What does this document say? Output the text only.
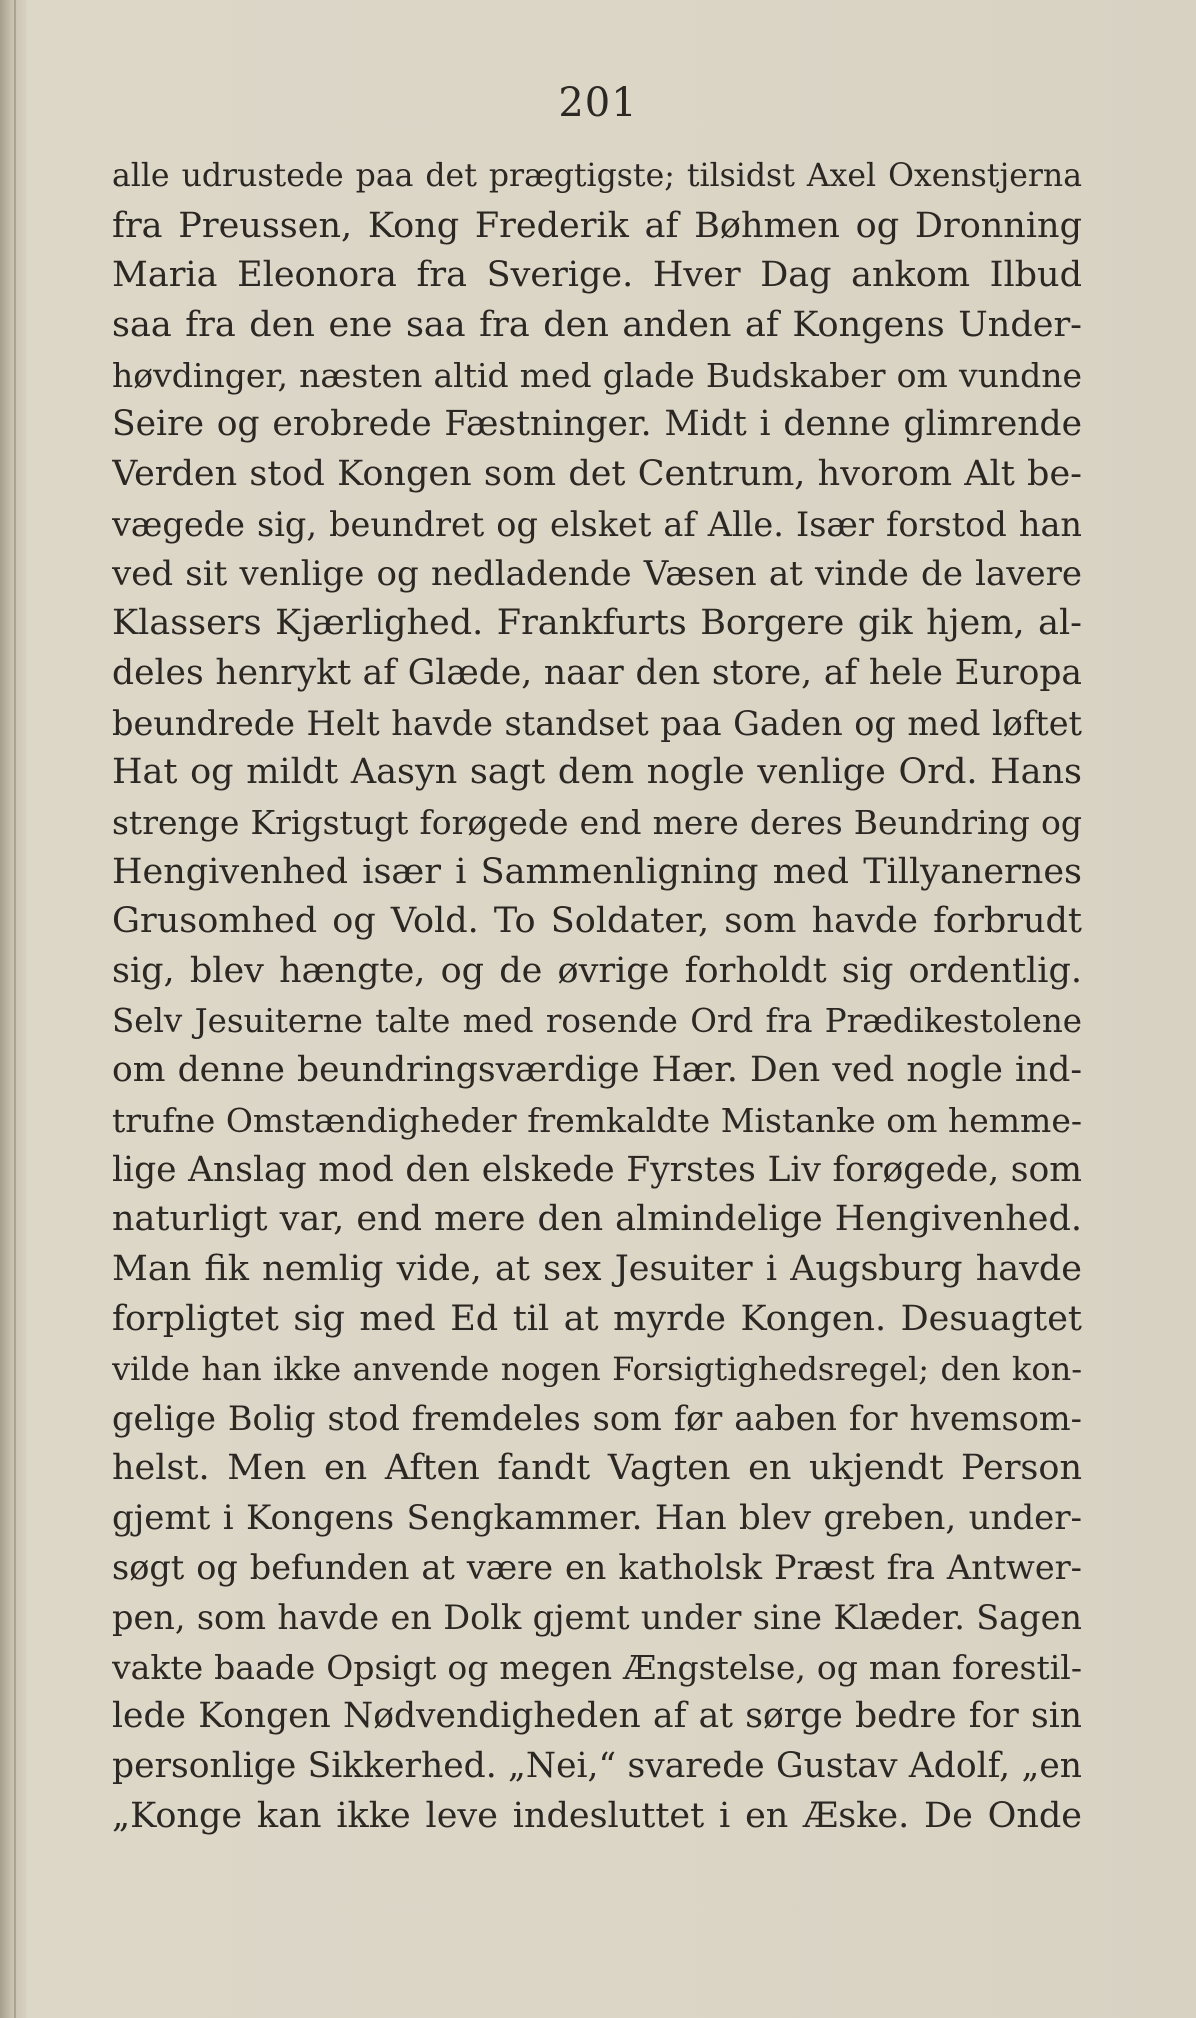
201
alle udrustede paa det prægtigste; tilsidst Axel Oxenstjerna
fra Preussen, Kong Frederik af Bøhmen og Dronning
Maria Eleonora fra Sverige. Hver Dag ankom Ilbud
saa fra den ene saa fra den anden af Kongens Under-
høvdinger, næsten altid med glade Budskaber om vundne
Seire og erobrede Fæstninger. Midt i denne glimrende
Verden stod Kongen som det Centrum, hvorom Alt be-
vægede sig, beundret og elsket af Alle. Især forstod han
ved sit venlige og nedladende Væsen at vinde de lavere
Klassers Kjærlighed. Frankfurts Borgere gik hjem, al-
deles henrykt af Glæde, naar den store, af hele Europa
beundrede Helt havde standset paa Gaden og med løftet
Hat og mildt Aasyn sagt dem nogle venlige Ord. Hans
strenge Krigstugt forøgede end mere deres Beundring og
Hengivenhed især i Sammenligning med Tillyanernes
Grusomhed og Vold. To Soldater, som havde forbrudt
sig, blev hængte, og de øvrige forholdt sig ordentlig.
Selv Jesuiterne talte med rosende Ord fra Prædikestolene
om denne beundringsværdige Hær. Den ved nogle ind-
trufne Omstændigheder fremkaldte Mistanke om hemme-
lige Anslag mod den elskede Fyrstes Liv forøgede, som
naturligt var, end mere den almindelige Hengivenhed.
Man fik nemlig vide, at sex Jesuiter i Augsburg havde
forpligtet sig med Ed til at myrde Kongen. Desuagtet
vilde han ikke anvende nogen Forsigtighedsregel; den kon-
gelige Bolig stod fremdeles som før aaben for hvemsom-
helst. Men en Aften fandt Vagten en ukjendt Person
gjemt i Kongens Sengkammer. Han blev greben, under-
søgt og befunden at være en katholsk Præst fra Antwer-
pen, som havde en Dolk gjemt under sine Klæder. Sagen
vakte baade Opsigt og megen Ængstelse, og man forestil-
lede Kongen Nødvendigheden af at sørge bedre for sin
personlige Sikkerhed. „Nei,“ svarede Gustav Adolf, „en
„Konge kan ikke leve indesluttet i en Æske. De Onde
